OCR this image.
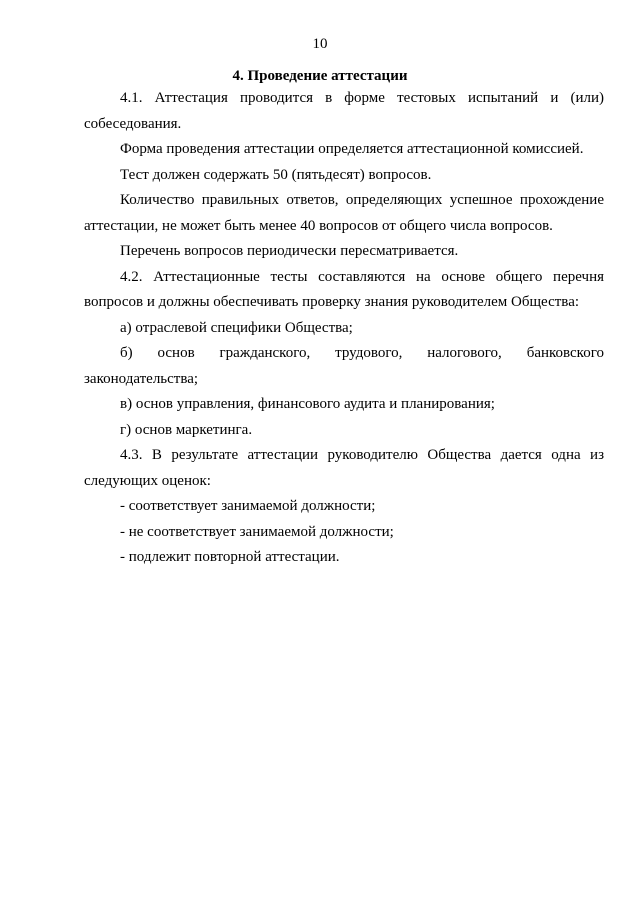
10
4. Проведение аттестации

4.1. Аттестация проводится в форме тестовых испытаний и (или) собеседования.

Форма проведения аттестации определяется аттестационной комиссией.

Тест должен содержать 50 (пятьдесят) вопросов.

Количество правильных ответов, определяющих успешное прохождение аттестации, не может быть менее 40 вопросов от общего числа вопросов.

Перечень вопросов периодически пересматривается.

4.2. Аттестационные тесты составляются на основе общего перечня вопросов и должны обеспечивать проверку знания руководителем Общества:

а) отраслевой специфики Общества;

б) основ гражданского, трудового, налогового, банковского законодательства;

в) основ управления, финансового аудита и планирования;

г) основ маркетинга.

4.3. В результате аттестации руководителю Общества дается одна из следующих оценок:

- соответствует занимаемой должности;

- не соответствует занимаемой должности;

- подлежит повторной аттестации.
